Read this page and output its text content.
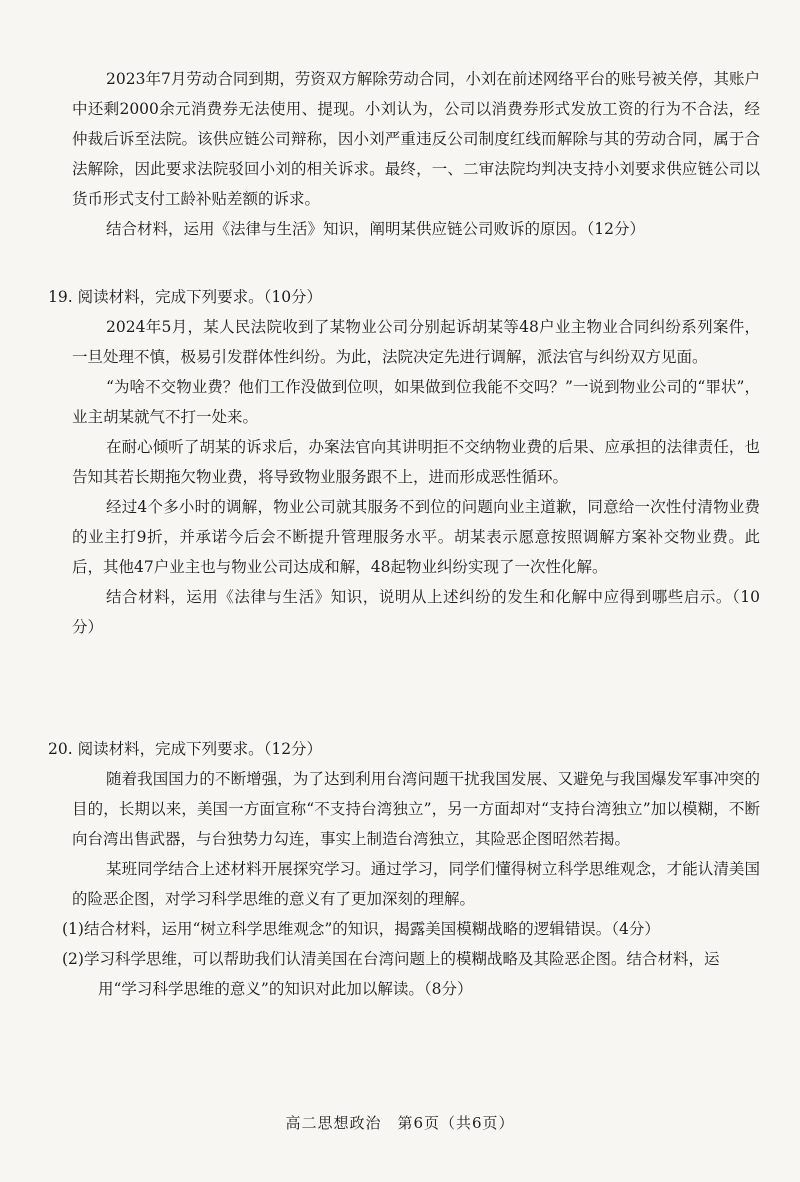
2023年7月劳动合同到期，劳资双方解除劳动合同，小刘在前述网络平台的账号被关停，其账户中还剩2000余元消费券无法使用、提现。小刘认为，公司以消费券形式发放工资的行为不合法，经仲裁后诉至法院。该供应链公司辩称，因小刘严重违反公司制度红线而解除与其的劳动合同，属于合法解除，因此要求法院驳回小刘的相关诉求。最终，一、二审法院均判决支持小刘要求供应链公司以货币形式支付工龄补贴差额的诉求。

结合材料，运用《法律与生活》知识，阐明某供应链公司败诉的原因。（12分）

19. 阅读材料，完成下列要求。（10分）

2024年5月，某人民法院收到了某物业公司分别起诉胡某等48户业主物业合同纠纷系列案件，一旦处理不慎，极易引发群体性纠纷。为此，法院决定先进行调解，派法官与纠纷双方见面。

“为啥不交物业费？他们工作没做到位呗，如果做到位我能不交吗？”一说到物业公司的“罪状”，业主胡某就气不打一处来。

在耐心倾听了胡某的诉求后，办案法官向其讲明拒不交纳物业费的后果、应承担的法律责任，也告知其若长期拖欠物业费，将导致物业服务跟不上，进而形成恶性循环。

经过4个多小时的调解，物业公司就其服务不到位的问题向业主道歉，同意给一次性付清物业费的业主打9折，并承诺今后会不断提升管理服务水平。胡某表示愿意按照调解方案补交物业费。此后，其他47户业主也与物业公司达成和解，48起物业纠纷实现了一次性化解。

结合材料，运用《法律与生活》知识，说明从上述纠纷的发生和化解中应得到哪些启示。（10分）

20. 阅读材料，完成下列要求。（12分）

随着我国国力的不断增强，为了达到利用台湾问题干扰我国发展、又避免与我国爆发军事冲突的目的，长期以来，美国一方面宣称“不支持台湾独立”，另一方面却对“支持台湾独立”加以模糊，不断向台湾出售武器，与台独势力勾连，事实上制造台湾独立，其险恶企图昭然若揭。

某班同学结合上述材料开展探究学习。通过学习，同学们懂得树立科学思维观念，才能认清美国的险恶企图，对学习科学思维的意义有了更加深刻的理解。

(1)结合材料，运用“树立科学思维观念”的知识，揭露美国模糊战略的逻辑错误。（4分）

(2)学习科学思维，可以帮助我们认清美国在台湾问题上的模糊战略及其险恶企图。结合材料，运用“学习科学思维的意义”的知识对此加以解读。（8分）

高二思想政治　第6页（共6页）
